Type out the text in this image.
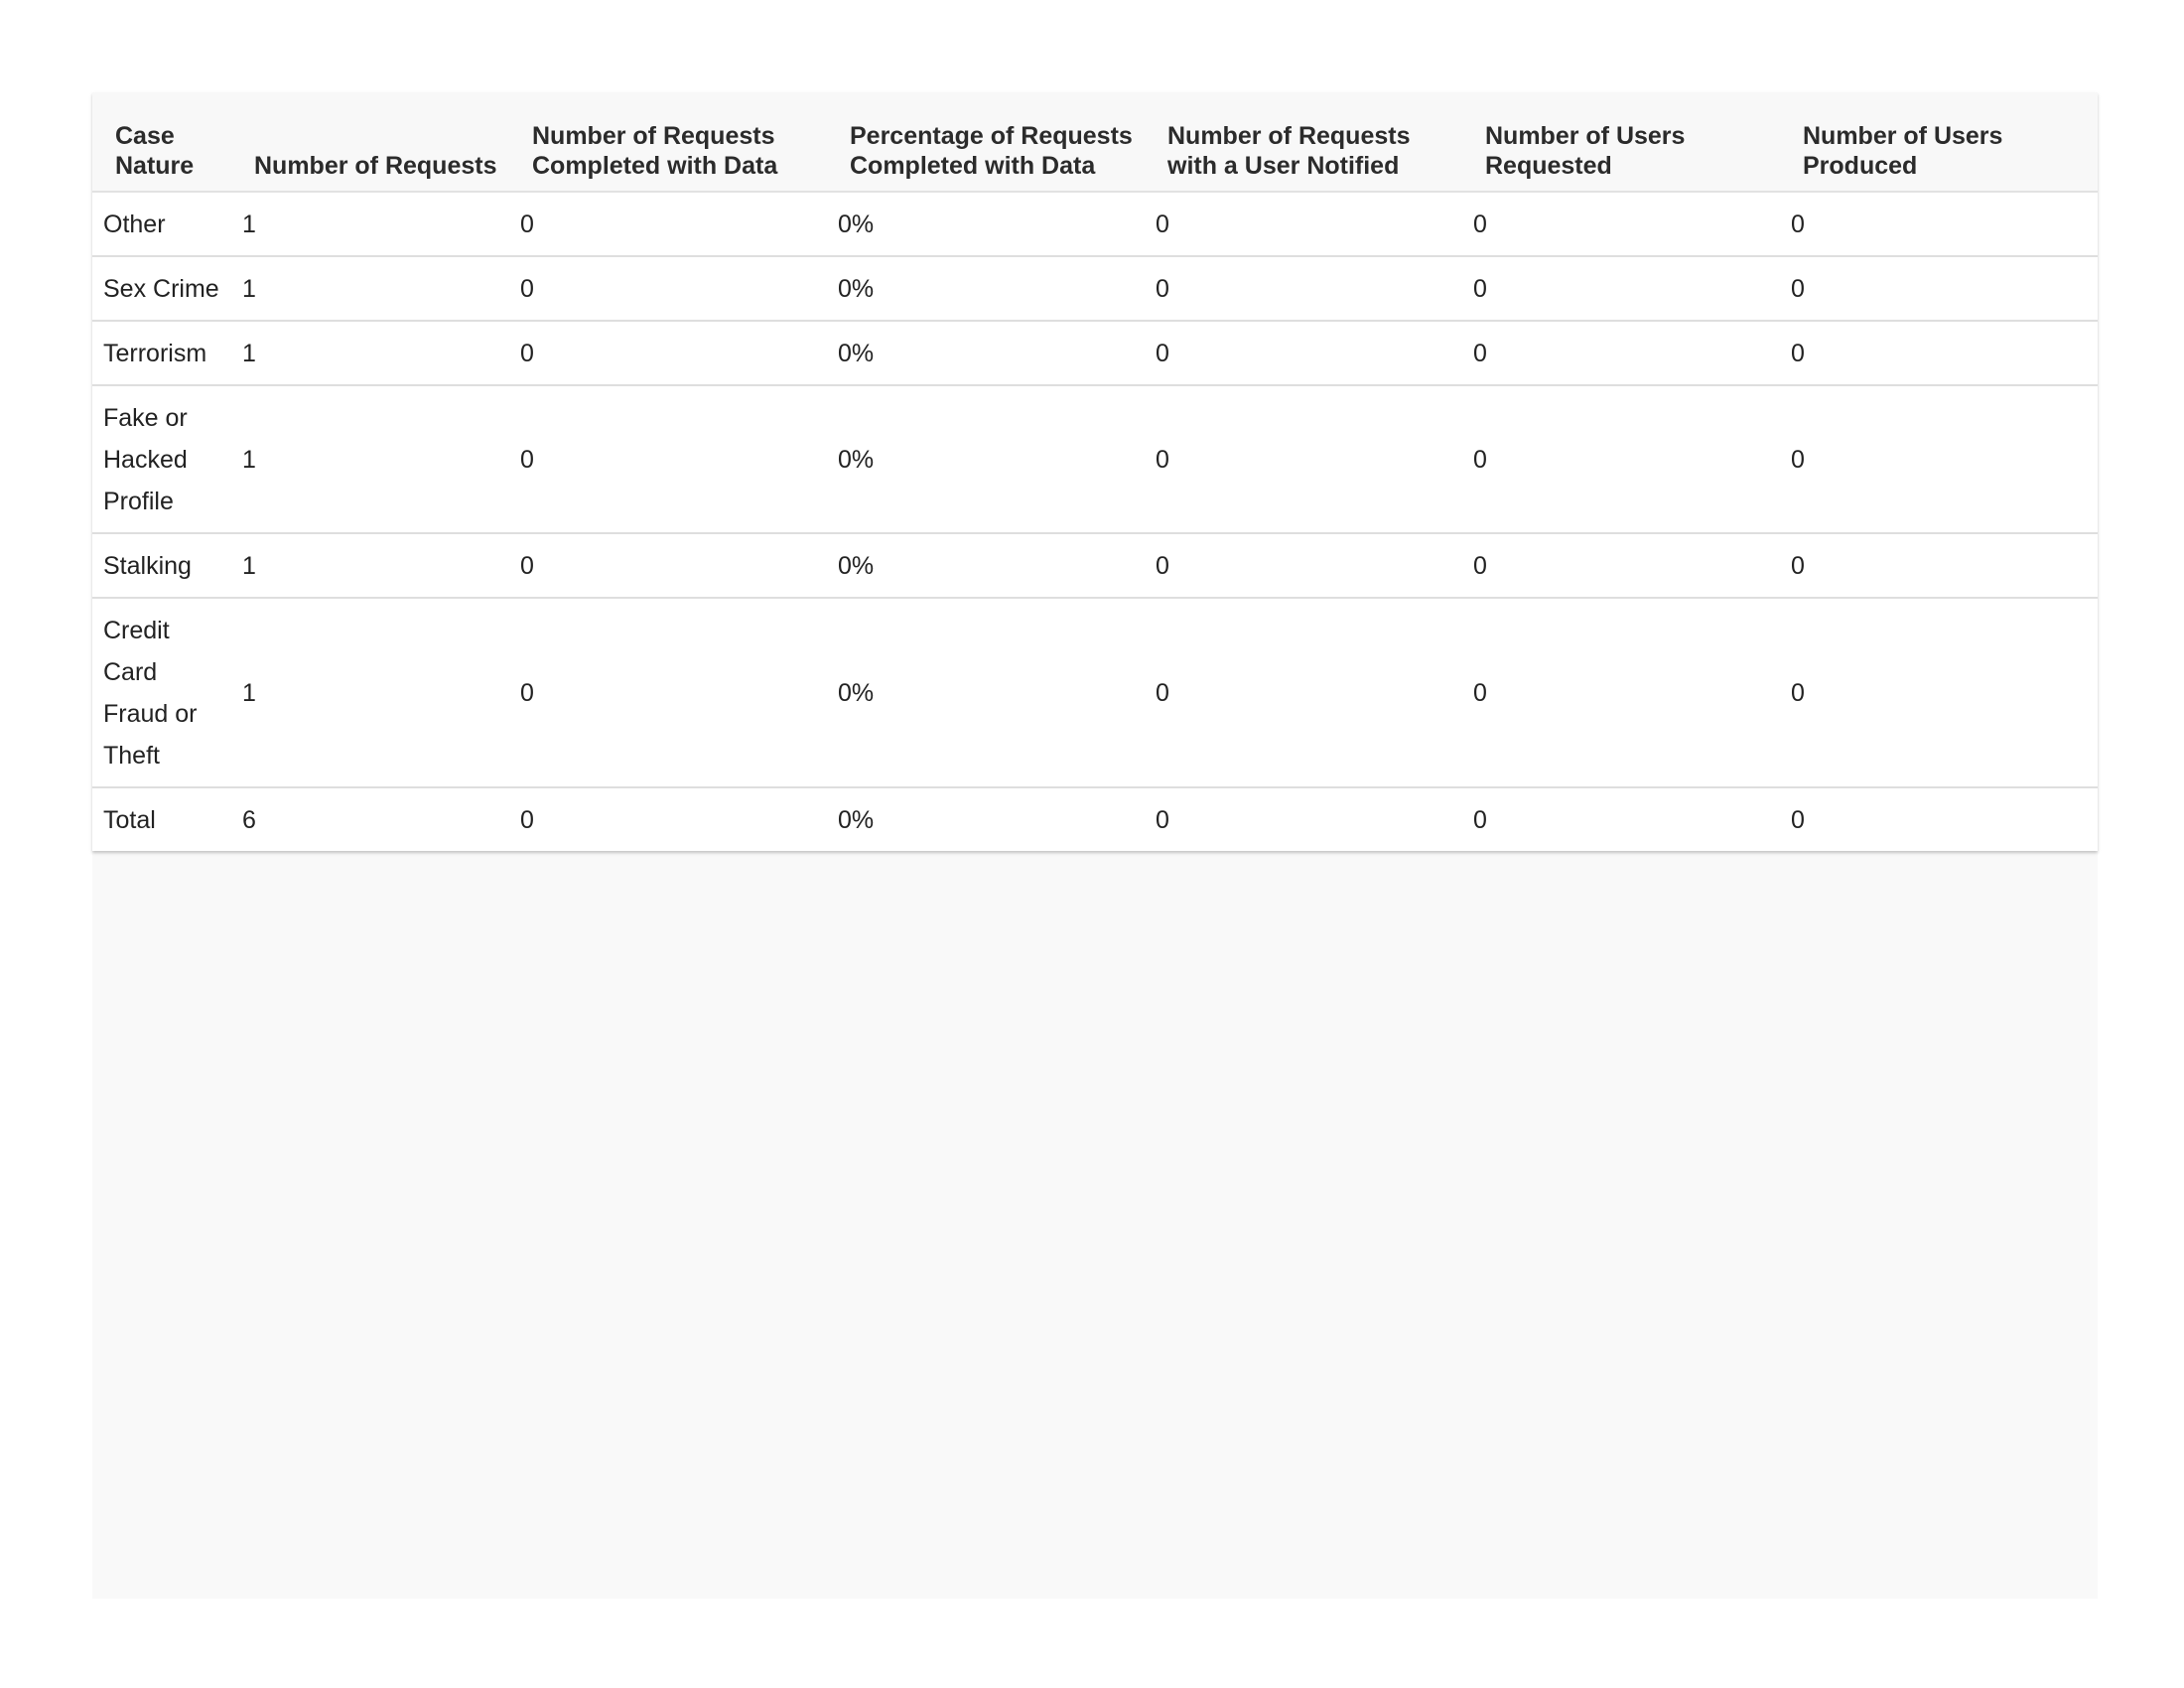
Case Nature	Number of Requests	Number of Requests Completed with Data	Percentage of Requests Completed with Data	Number of Requests with a User Notified	Number of Users Requested	Number of Users Produced
Other	1	0	0%	0	0	0
Sex Crime	1	0	0%	0	0	0
Terrorism	1	0	0%	0	0	0
Fake or Hacked Profile	1	0	0%	0	0	0
Stalking	1	0	0%	0	0	0
Credit Card Fraud or Theft	1	0	0%	0	0	0
Total	6	0	0%	0	0	0
